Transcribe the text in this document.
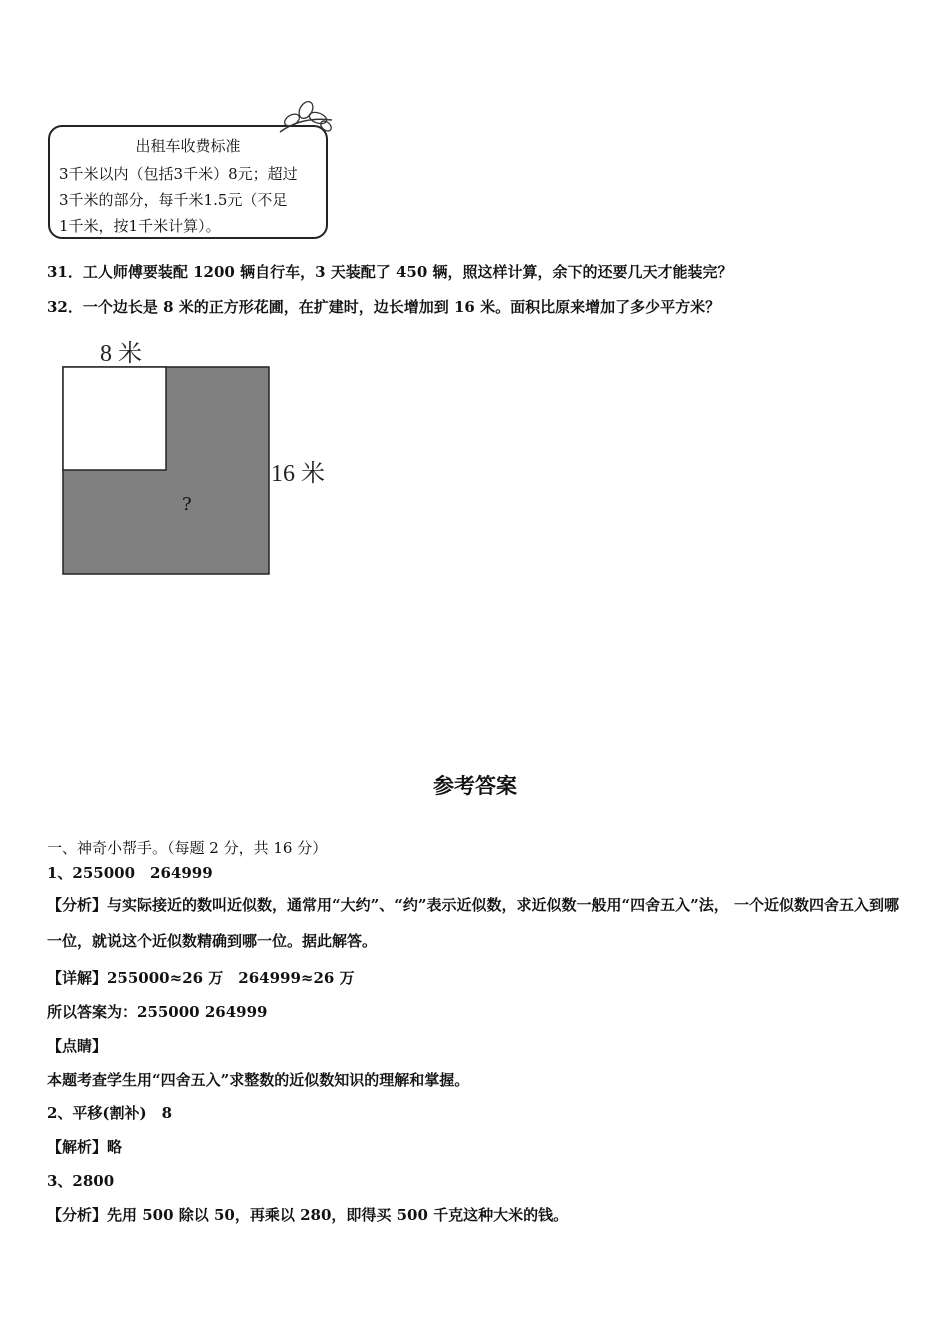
出租车收费标准
3千米以内（包括3千米）8元；超过
3千米的部分，每千米1.5元（不足
1千米，按1千米计算）。
31．工人师傅要装配 1200 辆自行车，3 天装配了 450 辆，照这样计算，余下的还要几天才能装完？
32．一个边长是 8 米的正方形花圃，在扩建时，边长增加到 16 米。面积比原来增加了多少平方米？
8 米
16 米
?
参考答案
一、神奇小帮手。（每题 2 分，共 16 分）
1、255000　264999
【分析】与实际接近的数叫近似数，通常用“大约”、“约”表示近似数，求近似数一般用“四舍五入”法， 一个近似数四舍五入到哪一位，就说这个近似数精确到哪一位。据此解答。
【详解】255000≈26 万　264999≈26 万
所以答案为：255000 264999
【点睛】
本题考查学生用“四舍五入”求整数的近似数知识的理解和掌握。
2、平移(割补)　8
【解析】略
3、2800
【分析】先用 500 除以 50，再乘以 280，即得买 500 千克这种大米的钱。
